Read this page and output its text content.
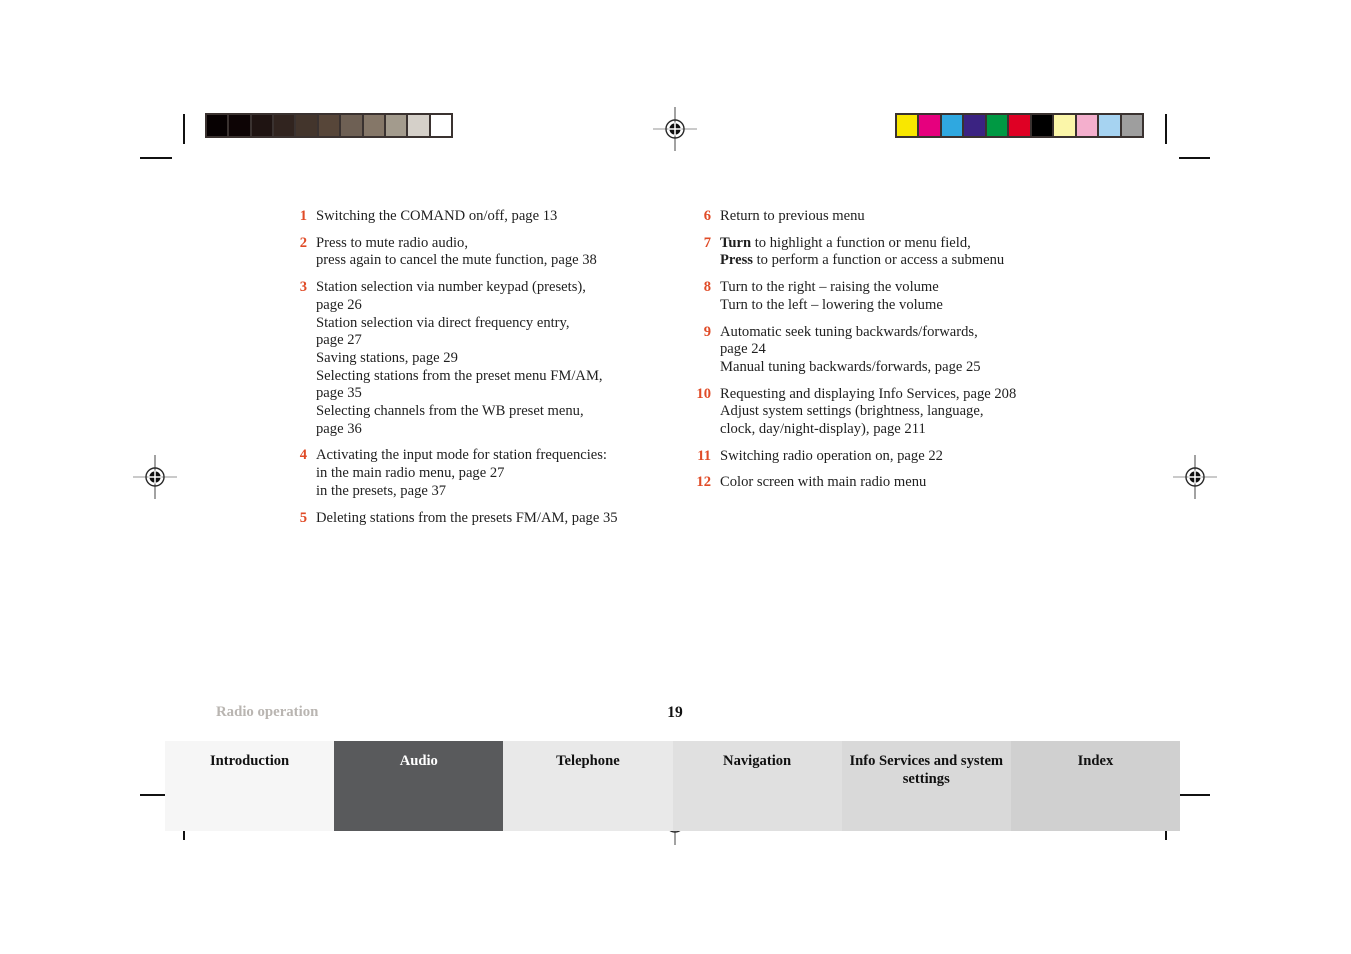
1 Switching the COMAND on/off, page 13
2 Press to mute radio audio,
press again to cancel the mute function, page 38
3 Station selection via number keypad (presets),
page 26
Station selection via direct frequency entry,
page 27
Saving stations, page 29
Selecting stations from the preset menu FM/AM,
page 35
Selecting channels from the WB preset menu,
page 36
4 Activating the input mode for station frequencies:
in the main radio menu, page 27
in the presets, page 37
5 Deleting stations from the presets FM/AM, page 35
6 Return to previous menu
7 Turn to highlight a function or menu field,
Press to perform a function or access a submenu
8 Turn to the right – raising the volume
Turn to the left – lowering the volume
9 Automatic seek tuning backwards/forwards,
page 24
Manual tuning backwards/forwards, page 25
10 Requesting and displaying Info Services, page 208
Adjust system settings (brightness, language,
clock, day/night-display), page 211
11 Switching radio operation on, page 22
12 Color screen with main radio menu
Radio operation	19
Introduction	Audio	Telephone	Navigation	Info Services and system settings
Index
